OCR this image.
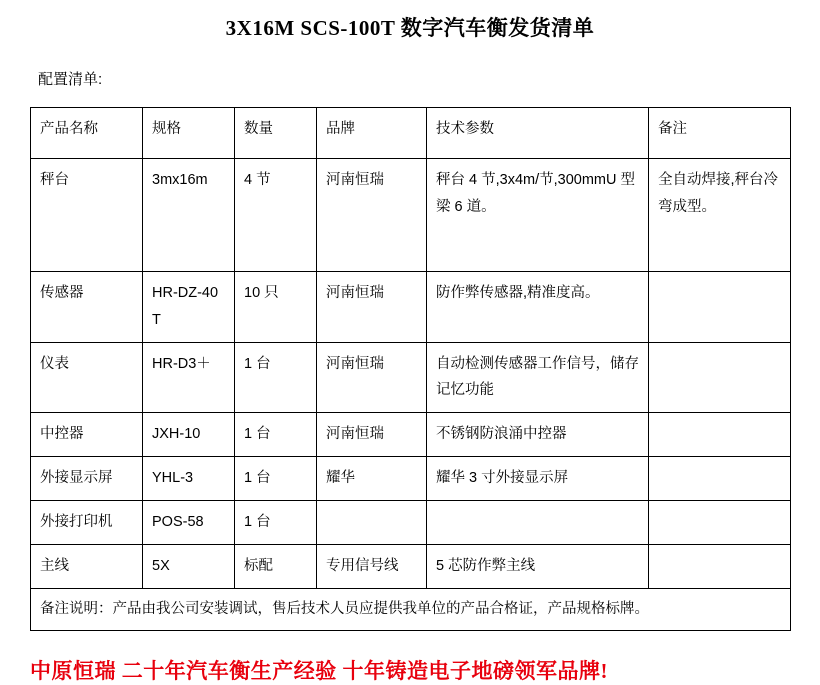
3X16M SCS-100T 数字汽车衡发货清单
配置清单:
产品名称	规格	数量	品牌	技术参数	备注
秤台	3mx16m	4 节	河南恒瑞	秤台 4 节,3x4m/节,300mmU 型梁 6 道。	全自动焊接,秤台冷弯成型。
传感器	HR-DZ-40T	10 只	河南恒瑞	防作弊传感器,精准度高。	
仪表	HR-D3＋	1 台	河南恒瑞	自动检测传感器工作信号，储存记忆功能	
中控器	JXH-10	1 台	河南恒瑞	不锈钢防浪涌中控器	
外接显示屏	YHL-3	1 台	耀华	耀华 3 寸外接显示屏	
外接打印机	POS-58	1 台			
主线	5X	标配	专用信号线	5 芯防作弊主线	
备注说明：产品由我公司安装调试，售后技术人员应提供我单位的产品合格证，产品规格标牌。					
中原恒瑞 二十年汽车衡生产经验 十年铸造电子地磅领军品牌!
